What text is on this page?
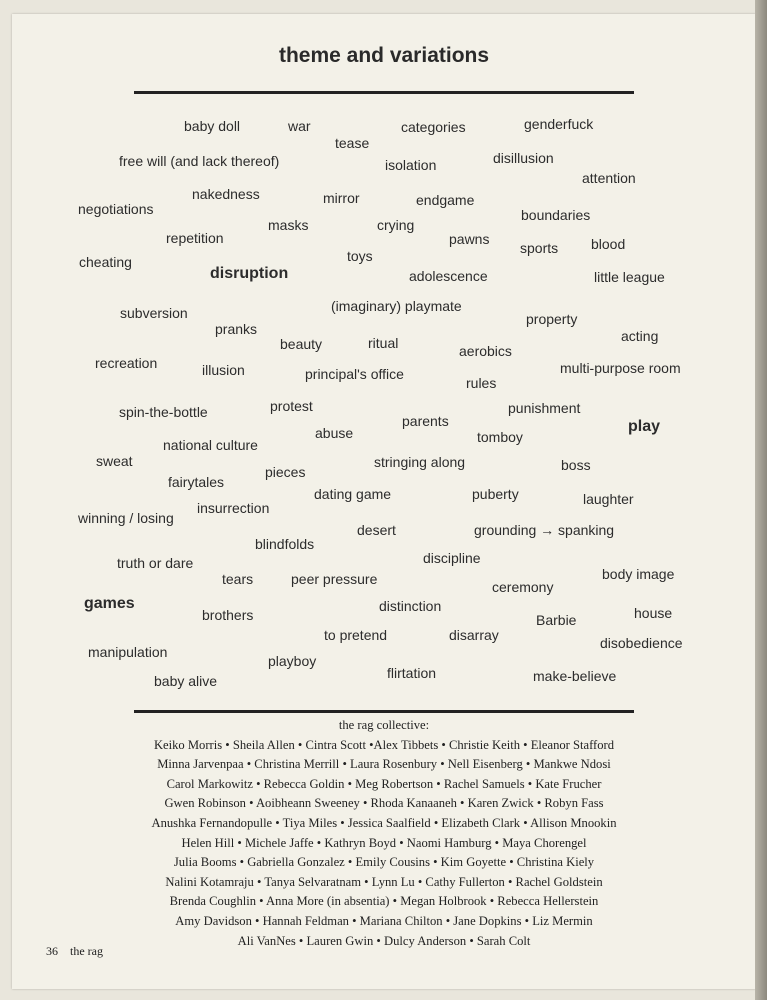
theme and variations
baby doll	war
tease
categories	genderfuck
free will (and lack thereof)	isolation	disillusion
attention
nakedness	mirror	endgame
negotiations	boundaries
masks	crying
repetition	pawns	blood
sports
toys
cheating
disruption	adolescence	little league
(imaginary) playmate
subversion	property
pranks	acting
beauty	ritual	aerobics
recreation	multi-purpose room
illusion	principal's office
rules
protest	punishment
spin-the-bottle
parents	play
abuse	tomboy
national culture
sweat	stringing along	boss
pieces
fairytales
dating game	puberty	laughter
insurrection
winning / losing
desert	grounding → spanking
blindfolds
discipline
truth or dare
body image
tears	peer pressure	ceremony
games	distinction
brothers	Barbie	house
to pretend	disarray	disobedience
manipulation
playboy
flirtation	make-believe
baby alive
the rag collective:
Keiko Morris • Sheila Allen • Cintra Scott •Alex Tibbets • Christie Keith • Eleanor Stafford
Minna Jarvenpaa • Christina Merrill • Laura Rosenbury • Nell Eisenberg • Mankwe Ndosi
Carol Markowitz • Rebecca Goldin • Meg Robertson • Rachel Samuels • Kate Frucher
Gwen Robinson • Aoibheann Sweeney • Rhoda Kanaaneh • Karen Zwick • Robyn Fass
Anushka Fernandopulle • Tiya Miles • Jessica Saalfield • Elizabeth Clark • Allison Mnookin
Helen Hill • Michele Jaffe • Kathryn Boyd • Naomi Hamburg • Maya Chorengel
Julia Booms • Gabriella Gonzalez • Emily Cousins • Kim Goyette • Christina Kiely
Nalini Kotamraju • Tanya Selvaratnam • Lynn Lu • Cathy Fullerton • Rachel Goldstein
Brenda Coughlin • Anna More (in absentia) • Megan Holbrook • Rebecca Hellerstein
Amy Davidson • Hannah Feldman • Mariana Chilton • Jane Dopkins • Liz Mermin
Ali VanNes • Lauren Gwin • Dulcy Anderson • Sarah Colt
36 the rag
